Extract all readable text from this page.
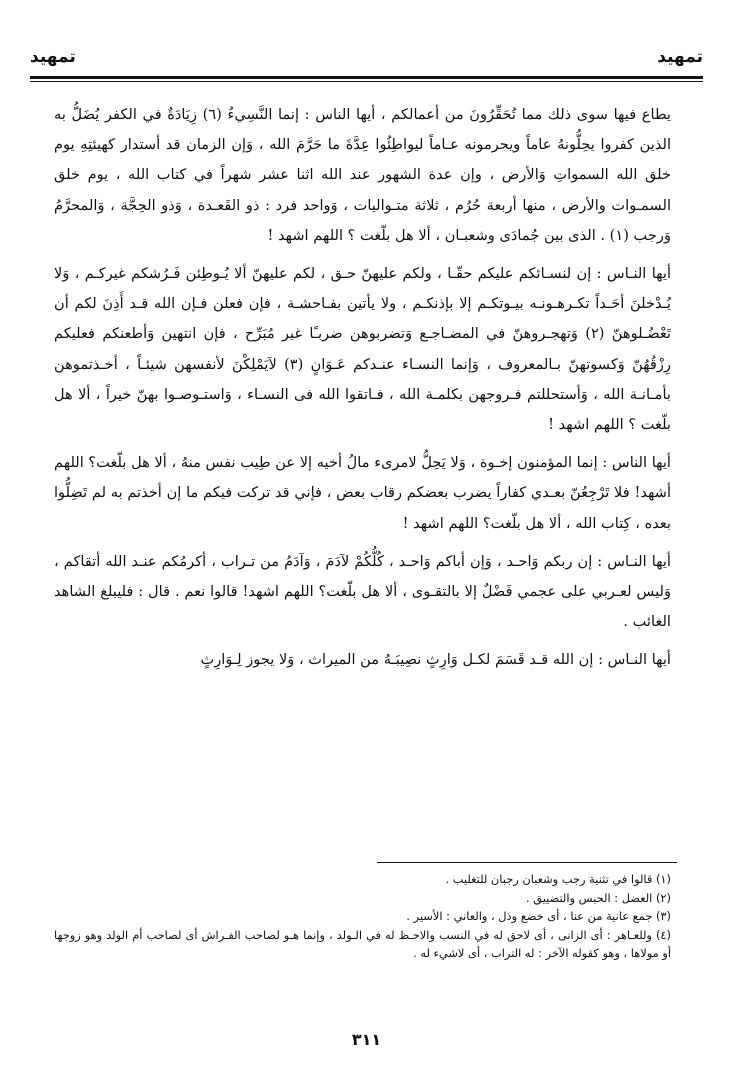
تمهيد
تمهيد

يطاع فيها سوى ذلك مما تُحَقِّرُونَ من أعمالكم ، أيها الناس : إنما النَّسِيءُ (٦) زِيَادَةٌ في الكفر يُضَلُّ به الذين كفروا يحِلُّونهُ عاماً ويحرمونه عـاماً ليواطِئُوا عِدَّةَ ما حَرَّمَ الله ، وَإن الزمان قد أستدار كهيئتِهِ يوم خلق الله السمواتِ وَالأرض ، وإن عدة الشهور عند الله اثنا عشر شهراً في كتاب الله ، يوم خلق السمـوات والأرض ، منها أربعة حُرُم ، ثلاثة متـواليات ، وَواحد فرد : ذو القَعـدة ، وَذو الحِجَّة ، وَالمحرَّمُ وَرجب (١) . الذى بين جُمادَى وشعبـان ، ألا هل بلّغت ؟ اللهم اشهد !

أيها النـاس : إن لنسـائكم عليكم حقّـا ، ولكم عليهنّ حـق ، لكم عليهنّ ألا يُـوطِئن فَـرُشكم غيركـم ، وَلا يُـدْخلنَ أحَـداً تكـرهـونـه بيـوتكـم إلا بإذنكـم ، ولا يأتين بفـاحشـة ، فإن فعلن فـإن الله قـد أَذِنَ لكم أن تَعْضُـلوهنّ (٢) وَتهجـروهنّ في المضـاجـع وَتضربوهن ضربـًا غير مُبَرِّح ، فإن انتهين وَأطعنكم فعليكم رِزْقُهُنّ وَكسوتهنّ بـالمعروف ، وَإنما النسـاء عنـدكم عَـوَانٍ (٣) لاَيَمْلِكْنَ لأنفسهن شيئـاً ، أخـذتموهن بأمـانـة الله ، وَأستحللتم فـروجهن بكلمـة الله ، فـاتقوا الله فى النسـاء ، وَاستـوصـوا بهنّ خيراً ، ألا هل بلّغت ؟ اللهم اشهد !

أيها الناس : إنما المؤمنون إخـوة ، وَلا يَحِلُّ لامرىء مالُ أخيه إلا عن طِيب نفس منهُ ، ألا هل بلّغت؟ اللهم أشهد! فلا تَرْجِعُنّ بعـدي كفاراً يضرب بعضكم رقاب بعض ، فإني قد تركت فيكم ما إن أخذتم به لم تَضِلُّوا بعده ، كِتاب الله ، ألا هل بلّغت؟ اللهم اشهد !

أيها النـاس : إن ربكم وَاحـد ، وَإن أباكم وَاحـد ، كُلُّكُمْ لآدَمَ ، وَآدَمُ من تـراب ، أكرمُكم عنـد الله أتقاكم ، وَليس لعـربي على عجمي فَضْلٌ إلا بالتقـوى ، ألا هل بلّغت؟ اللهم اشهد! قالوا نعم . قال : فليبلغ الشاهد الغائب .

أيها النـاس : إن الله قـد قَسَمَ لكـل وَارِثٍ نصِيبَـهُ من الميراث ، وَلا يجوز لِـوَارِثٍ

(١) قالوا في تثنية رجب وشعبان رجبان للتغليب .

(٢) العضل : الحبس والتضييق .

(٣) جمع عانية من عنا ، أى خضع وذل ، والعاني : الأسير .

(٤) وللعـاهر : أى الزانى ، أى لاحق له في النسب والاحـظ له في الـولد ، وإنما هـو لصاحب الفـراش أى لصاحب أم الولد وهو زوجها أو مولاها ، وهو كقوله الآخر : له التراب ، أى لاشيء له .

٣١١
